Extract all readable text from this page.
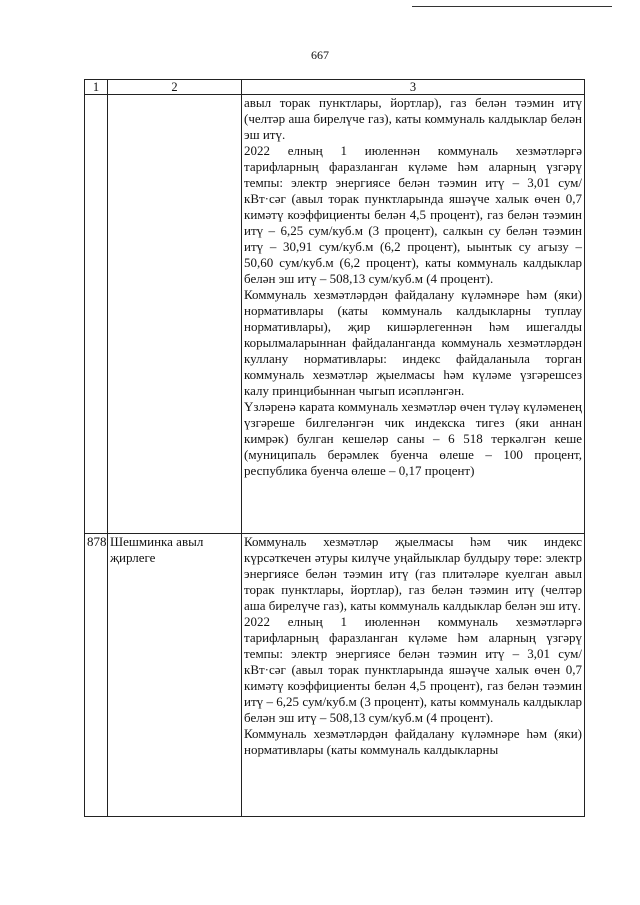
667
1	2	3

		авыл торак пунктлары, йортлар), газ белән тәэмин итү (чeлтәр аша бирелүче газ), каты коммуналь калдыклар белән эш итү.

2022 елның 1 июленнән коммуналь хезмәтләргә тарифларның фаразланган күләме һәм аларның үзгәрү темпы: электр энергиясе белән тәэмин итү – 3,01 сум/кВт·сәг (авыл торак пунктларында яшәүче халык өчен 0,7 кимәтү коэффициенты белән 4,5 процент), газ белән тәэмин итү – 6,25 сум/куб.м (3 процент), салкын су белән тәэмин итү – 30,91 сум/куб.м (6,2 процент), ыынтык су агызу – 50,60 сум/куб.м (6,2 процент), каты коммуналь калдыклар белән эш итү – 508,13 сум/куб.м (4 процент).

Коммуналь хезмәтләрдән файдалану күләмнәре һәм (яки) нормативлары (каты коммуналь калдыкларны туплау нормативлары), җир кишәрлегеннән һәм ишегалды корылмаларыннан файдаланганда коммуналь хезмәтләрдән куллану нормативлары: индекс файдаланыла торган коммуналь хезмәтләр җыелмасы һәм күләме үзгәрешсез калу принцибыннан чыгып исәпләнгән.

Үзләренә карата коммуналь хезмәтләр өчен түләү күләменең үзгәреше билгеләнгән чик индекска тигез (яки аннан кимрәк) булган кешеләр саны – 6 518 теркәлгән кеше (муниципаль берәмлек буенча өлеше – 100 процент, республика буенча өлеше – 0,17 процент)

878	Шешминка авыл җирлеге	Коммуналь хезмәтләр җыелмасы һәм чик индекс күрсәткечен әтуры килүче уңайлыклар булдыру төре: электр энергиясе белән тәэмин итү (газ плитәләре куелган авыл торак пунктлары, йортлар), газ белән тәэмин итү (челтәр аша бирелүче газ), каты коммуналь калдыклар белән эш итү.

2022 елның 1 июленнән коммуналь хезмәтләргә тарифларның фаразланган күләме һәм аларның үзгәрү темпы: электр энергиясе белән тәэмин итү – 3,01 сум/кВт·сәг (авыл торак пунктларында яшәүче халык өчен 0,7 кимәтү коэффициенты белән 4,5 процент), газ белән тәэмин итү – 6,25 сум/куб.м (3 процент), каты коммуналь калдыклар белән эш итү – 508,13 сум/куб.м (4 процент).

Коммуналь хезмәтләрдән файдалану күләмнәре һәм (яки) нормативлары (каты коммуналь калдыкларны
